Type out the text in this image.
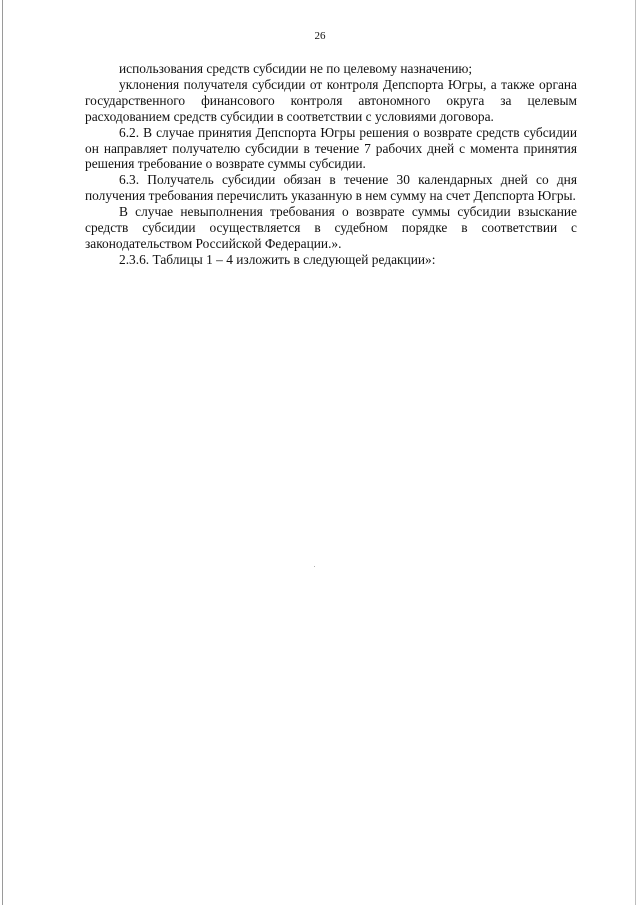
26

использования средств субсидии не по целевому назначению;

уклонения получателя субсидии от контроля Депспорта Югры, а также органа государственного финансового контроля автономного округа за целевым расходованием средств субсидии в соответствии с условиями договора.

6.2. В случае принятия Депспорта Югры решения о возврате средств субсидии он направляет получателю субсидии в течение 7 рабочих дней с момента принятия решения требование о возврате суммы субсидии.

6.3. Получатель субсидии обязан в течение 30 календарных дней со дня получения требования перечислить указанную в нем сумму на счет Депспорта Югры.

В случае невыполнения требования о возврате суммы субсидии взыскание средств субсидии осуществляется в судебном порядке в соответствии с законодательством Российской Федерации.».

2.3.6. Таблицы 1 – 4 изложить в следующей редакции»:
